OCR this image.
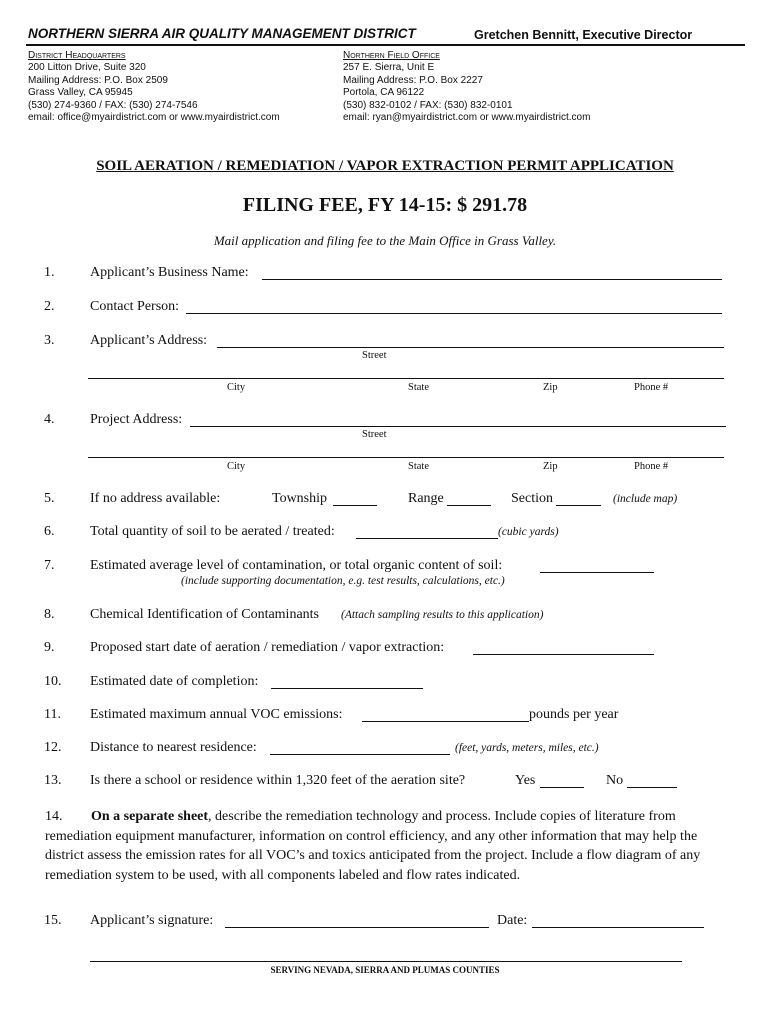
NORTHERN SIERRA AIR QUALITY MANAGEMENT DISTRICT	Gretchen Bennitt, Executive Director
District Headquarters
200 Litton Drive, Suite 320
Mailing Address: P.O. Box 2509
Grass Valley, CA 95945
(530) 274-9360 / FAX: (530) 274-7546
email: office@myairdistrict.com or www.myairdistrict.com
Northern Field Office
257 E. Sierra, Unit E
Mailing Address: P.O. Box 2227
Portola, CA 96122
(530) 832-0102 / FAX: (530) 832-0101
email: ryan@myairdistrict.com or www.myairdistrict.com
SOIL AERATION / REMEDIATION / VAPOR EXTRACTION PERMIT APPLICATION
FILING FEE, FY 14-15: $ 291.78
Mail application and filing fee to the Main Office in Grass Valley.
1.	Applicant’s Business Name:
2.	Contact Person:
3.	Applicant’s Address:
Street
City	State	Zip	Phone #
4.	Project Address:
Street
City	State	Zip	Phone #
5.	If no address available:	Township	Range	Section	(include map)
6.	Total quantity of soil to be aerated / treated:	(cubic yards)
7.	Estimated average level of contamination, or total organic content of soil:
(include supporting documentation, e.g. test results, calculations, etc.)
8.	Chemical Identification of Contaminants (Attach sampling results to this application)
9.	Proposed start date of aeration / remediation / vapor extraction:
10. Estimated date of completion:
11. Estimated maximum annual VOC emissions:	pounds per year
12. Distance to nearest residence:	(feet, yards, meters, miles, etc.)
13. Is there a school or residence within 1,320 feet of the aeration site?	Yes	No
14. On a separate sheet, describe the remediation technology and process. Include copies of literature from remediation equipment manufacturer, information on control efficiency, and any other information that may help the district assess the emission rates for all VOC’s and toxics anticipated from the project. Include a flow diagram of any remediation system to be used, with all components labeled and flow rates indicated.
15. Applicant’s signature:	Date:
SERVING NEVADA, SIERRA AND PLUMAS COUNTIES
